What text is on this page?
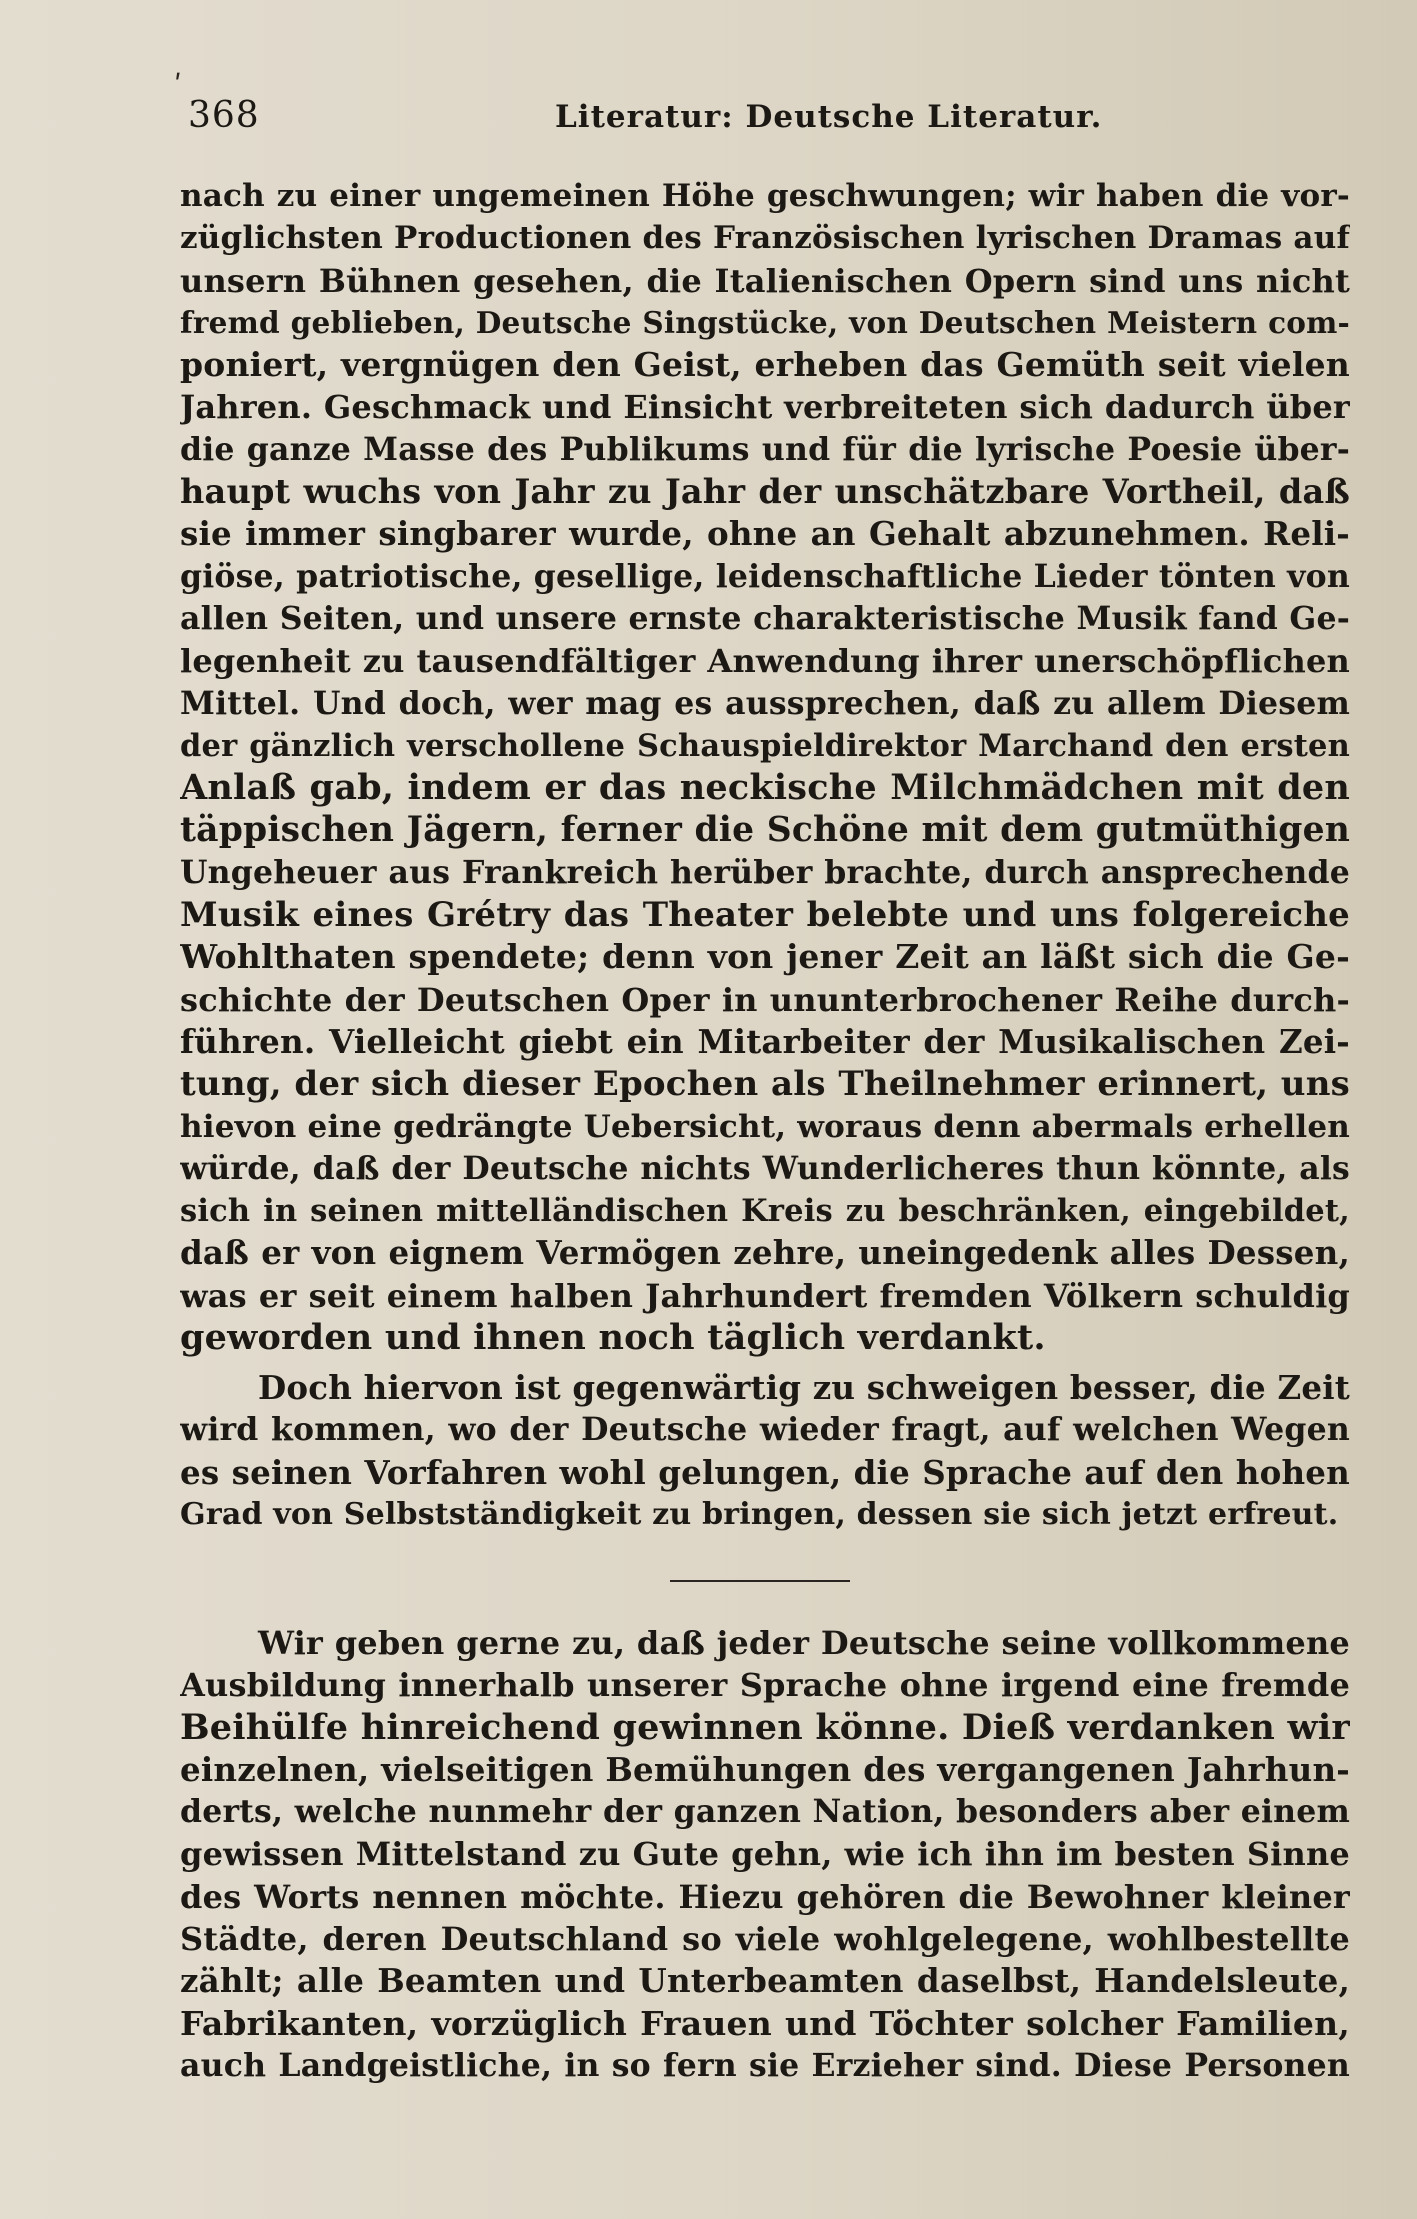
ʹ
368	Literatur: Deutsche Literatur.
nach zu einer ungemeinen Höhe geschwungen; wir haben die vor-
züglichsten Productionen des Französischen lyrischen Dramas auf
unsern Bühnen gesehen, die Italienischen Opern sind uns nicht
fremd geblieben, Deutsche Singstücke, von Deutschen Meistern com-
poniert, vergnügen den Geist, erheben das Gemüth seit vielen
Jahren. Geschmack und Einsicht verbreiteten sich dadurch über
die ganze Masse des Publikums und für die lyrische Poesie über-
haupt wuchs von Jahr zu Jahr der unschätzbare Vortheil, daß
sie immer singbarer wurde, ohne an Gehalt abzunehmen. Reli-
giöse, patriotische, gesellige, leidenschaftliche Lieder tönten von
allen Seiten, und unsere ernste charakteristische Musik fand Ge-
legenheit zu tausendfältiger Anwendung ihrer unerschöpflichen
Mittel. Und doch, wer mag es aussprechen, daß zu allem Diesem
der gänzlich verschollene Schauspieldirektor Marchand den ersten
Anlaß gab, indem er das neckische Milchmädchen mit den
täppischen Jägern, ferner die Schöne mit dem gutmüthigen
Ungeheuer aus Frankreich herüber brachte, durch ansprechende
Musik eines Grétry das Theater belebte und uns folgereiche
Wohlthaten spendete; denn von jener Zeit an läßt sich die Ge-
schichte der Deutschen Oper in ununterbrochener Reihe durch-
führen. Vielleicht giebt ein Mitarbeiter der Musikalischen Zei-
tung, der sich dieser Epochen als Theilnehmer erinnert, uns
hievon eine gedrängte Uebersicht, woraus denn abermals erhellen
würde, daß der Deutsche nichts Wunderlicheres thun könnte, als
sich in seinen mittelländischen Kreis zu beschränken, eingebildet,
daß er von eignem Vermögen zehre, uneingedenk alles Dessen,
was er seit einem halben Jahrhundert fremden Völkern schuldig
geworden und ihnen noch täglich verdankt.
Doch hiervon ist gegenwärtig zu schweigen besser, die Zeit
wird kommen, wo der Deutsche wieder fragt, auf welchen Wegen
es seinen Vorfahren wohl gelungen, die Sprache auf den hohen
Grad von Selbstständigkeit zu bringen, dessen sie sich jetzt erfreut.
Wir geben gerne zu, daß jeder Deutsche seine vollkommene
Ausbildung innerhalb unserer Sprache ohne irgend eine fremde
Beihülfe hinreichend gewinnen könne. Dieß verdanken wir
einzelnen, vielseitigen Bemühungen des vergangenen Jahrhun-
derts, welche nunmehr der ganzen Nation, besonders aber einem
gewissen Mittelstand zu Gute gehn, wie ich ihn im besten Sinne
des Worts nennen möchte. Hiezu gehören die Bewohner kleiner
Städte, deren Deutschland so viele wohlgelegene, wohlbestellte
zählt; alle Beamten und Unterbeamten daselbst, Handelsleute,
Fabrikanten, vorzüglich Frauen und Töchter solcher Familien,
auch Landgeistliche, in so fern sie Erzieher sind. Diese Personen
